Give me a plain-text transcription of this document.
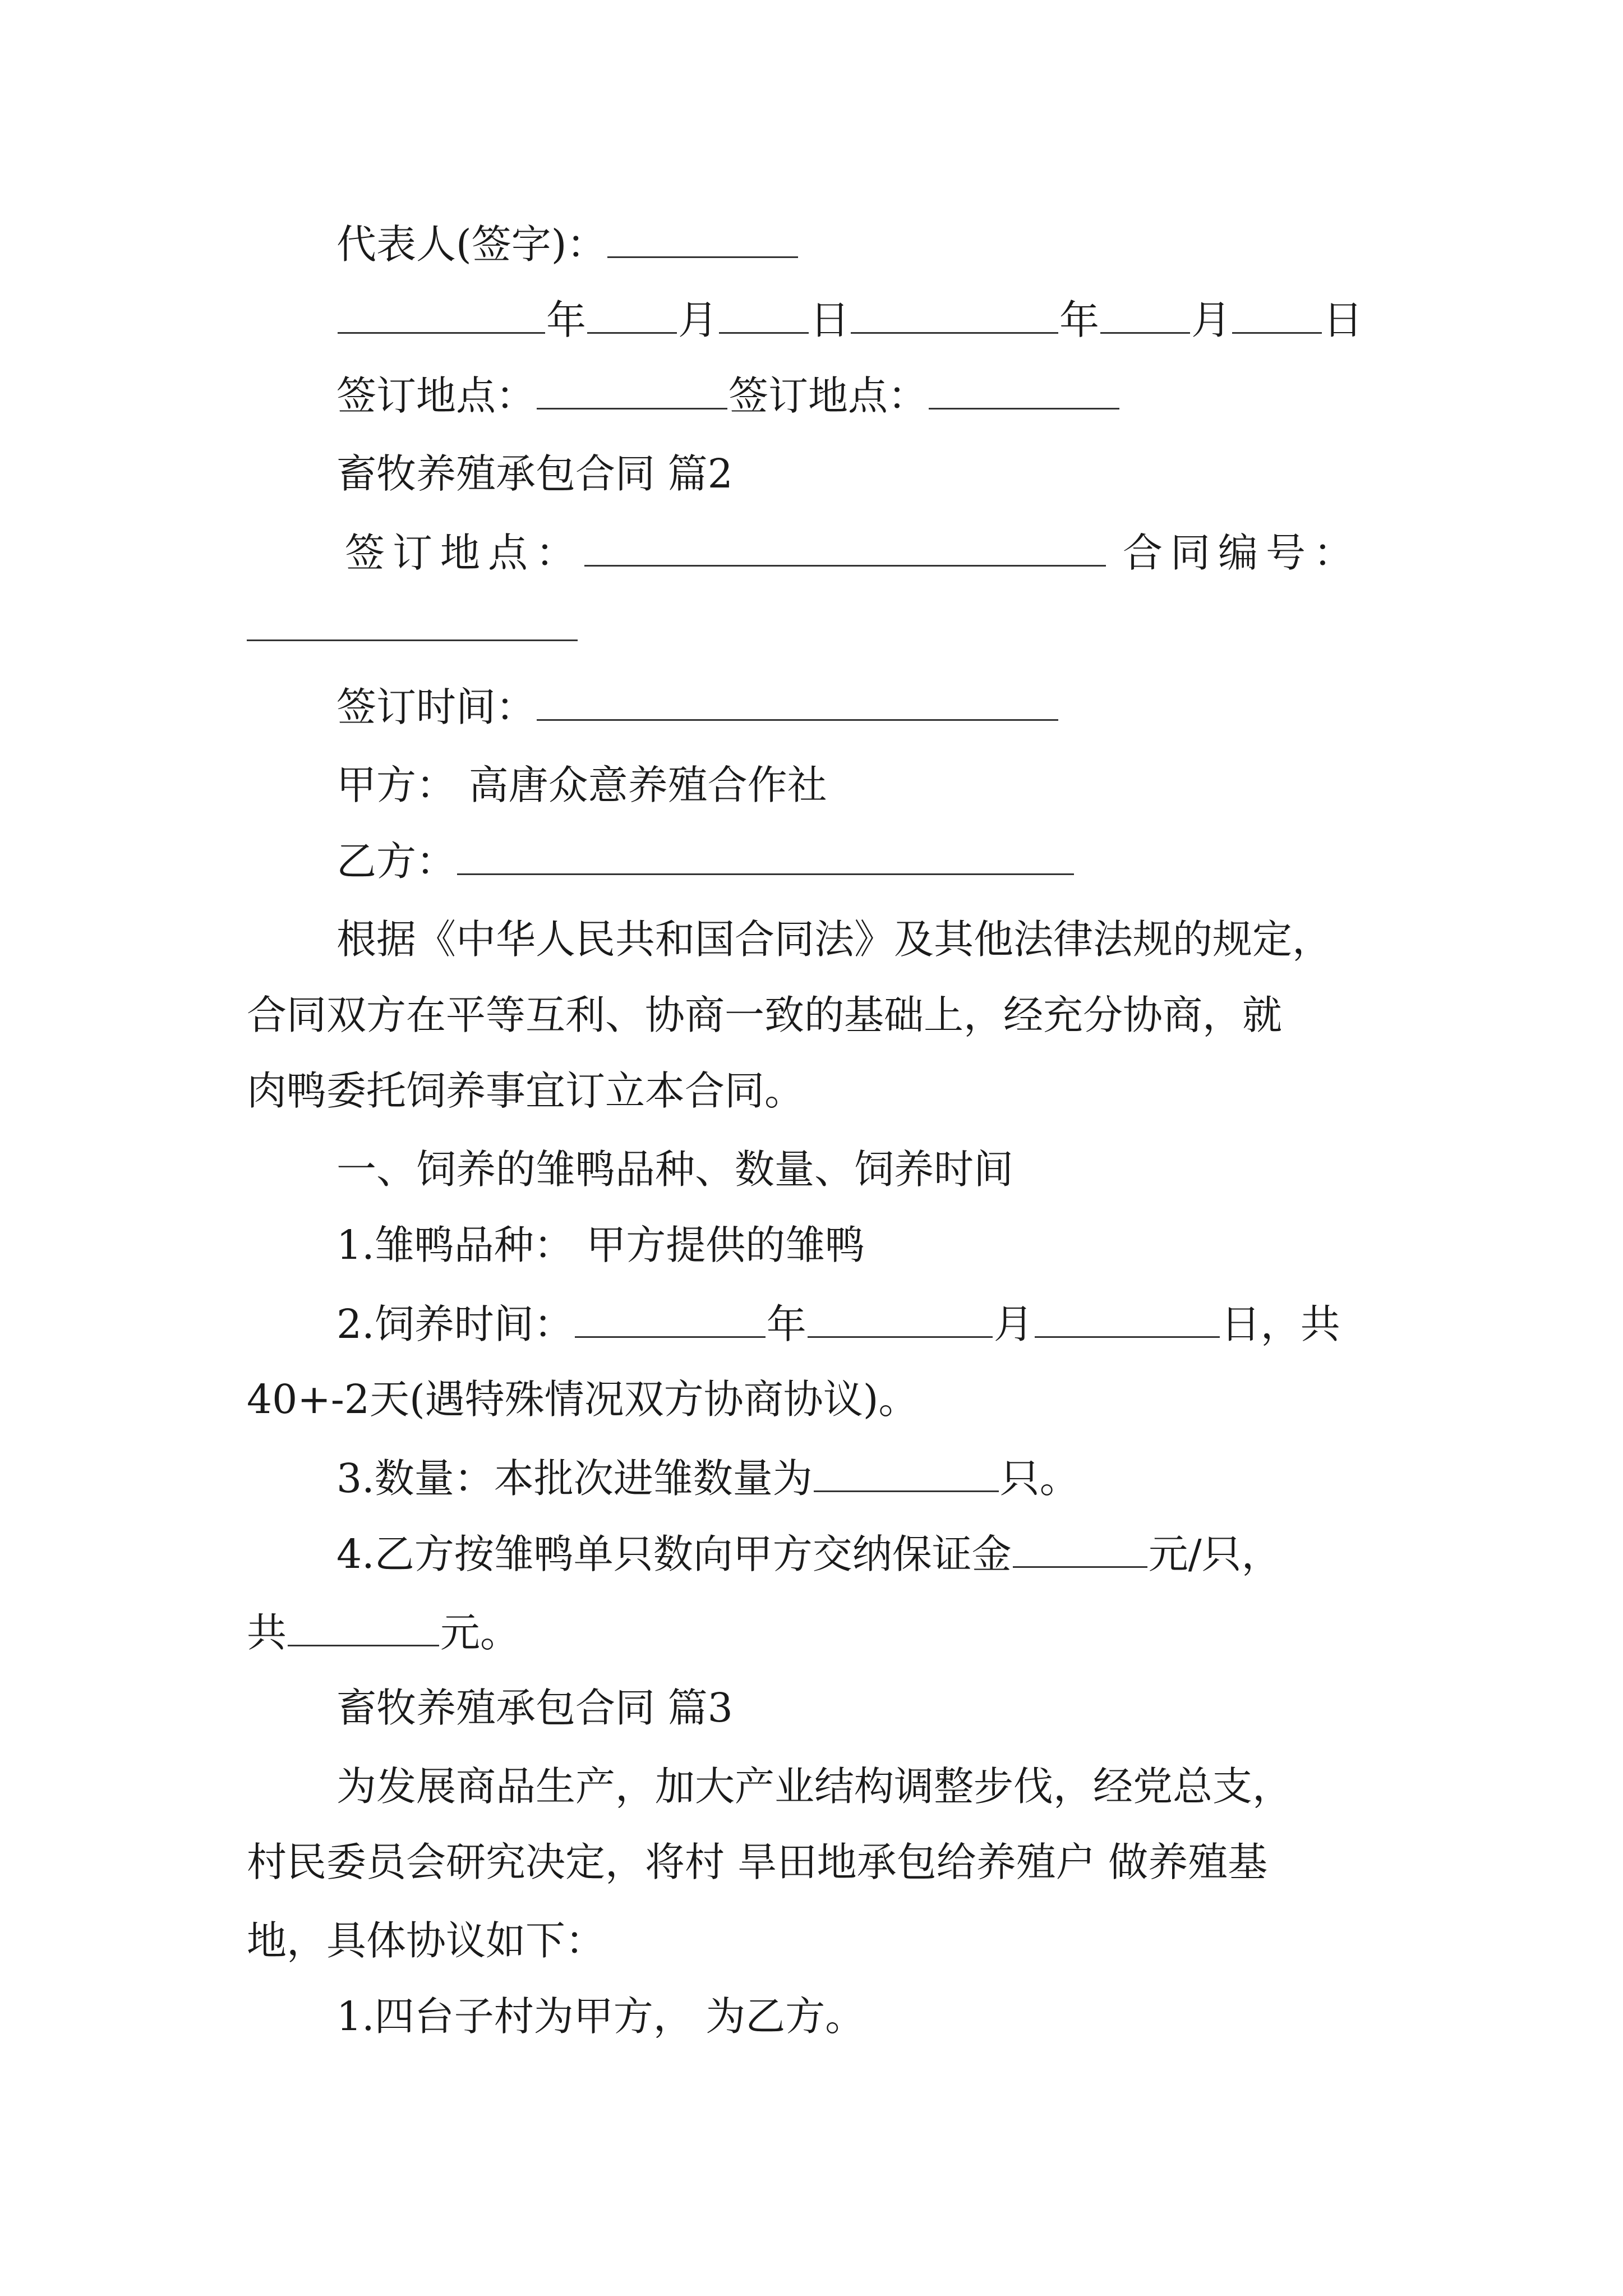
代表人(签字)：
年 月 日	年 月 日
签订地点：	签订地点：
畜牧养殖承包合同 篇2
签订地点：	合同编号：
签订时间：
甲方： 高唐众意养殖合作社
乙方：
根据《中华人民共和国合同法》及其他法律法规的规定，
合同双方在平等互利、协商一致的基础上，经充分协商，就
肉鸭委托饲养事宜订立本合同。
一、饲养的雏鸭品种、数量、饲养时间
1.雏鸭品种： 甲方提供的雏鸭
2.饲养时间：	年	月	日，共
40+-2天(遇特殊情况双方协商协议)。
3.数量：本批次进雏数量为	只。
4.乙方按雏鸭单只数向甲方交纳保证金	元/只，
共	元。
畜牧养殖承包合同 篇3
为发展商品生产，加大产业结构调整步伐，经党总支，
村民委员会研究决定，将村 旱田地承包给养殖户 做养殖基
地，具体协议如下：
1.四台子村为甲方， 为乙方。
